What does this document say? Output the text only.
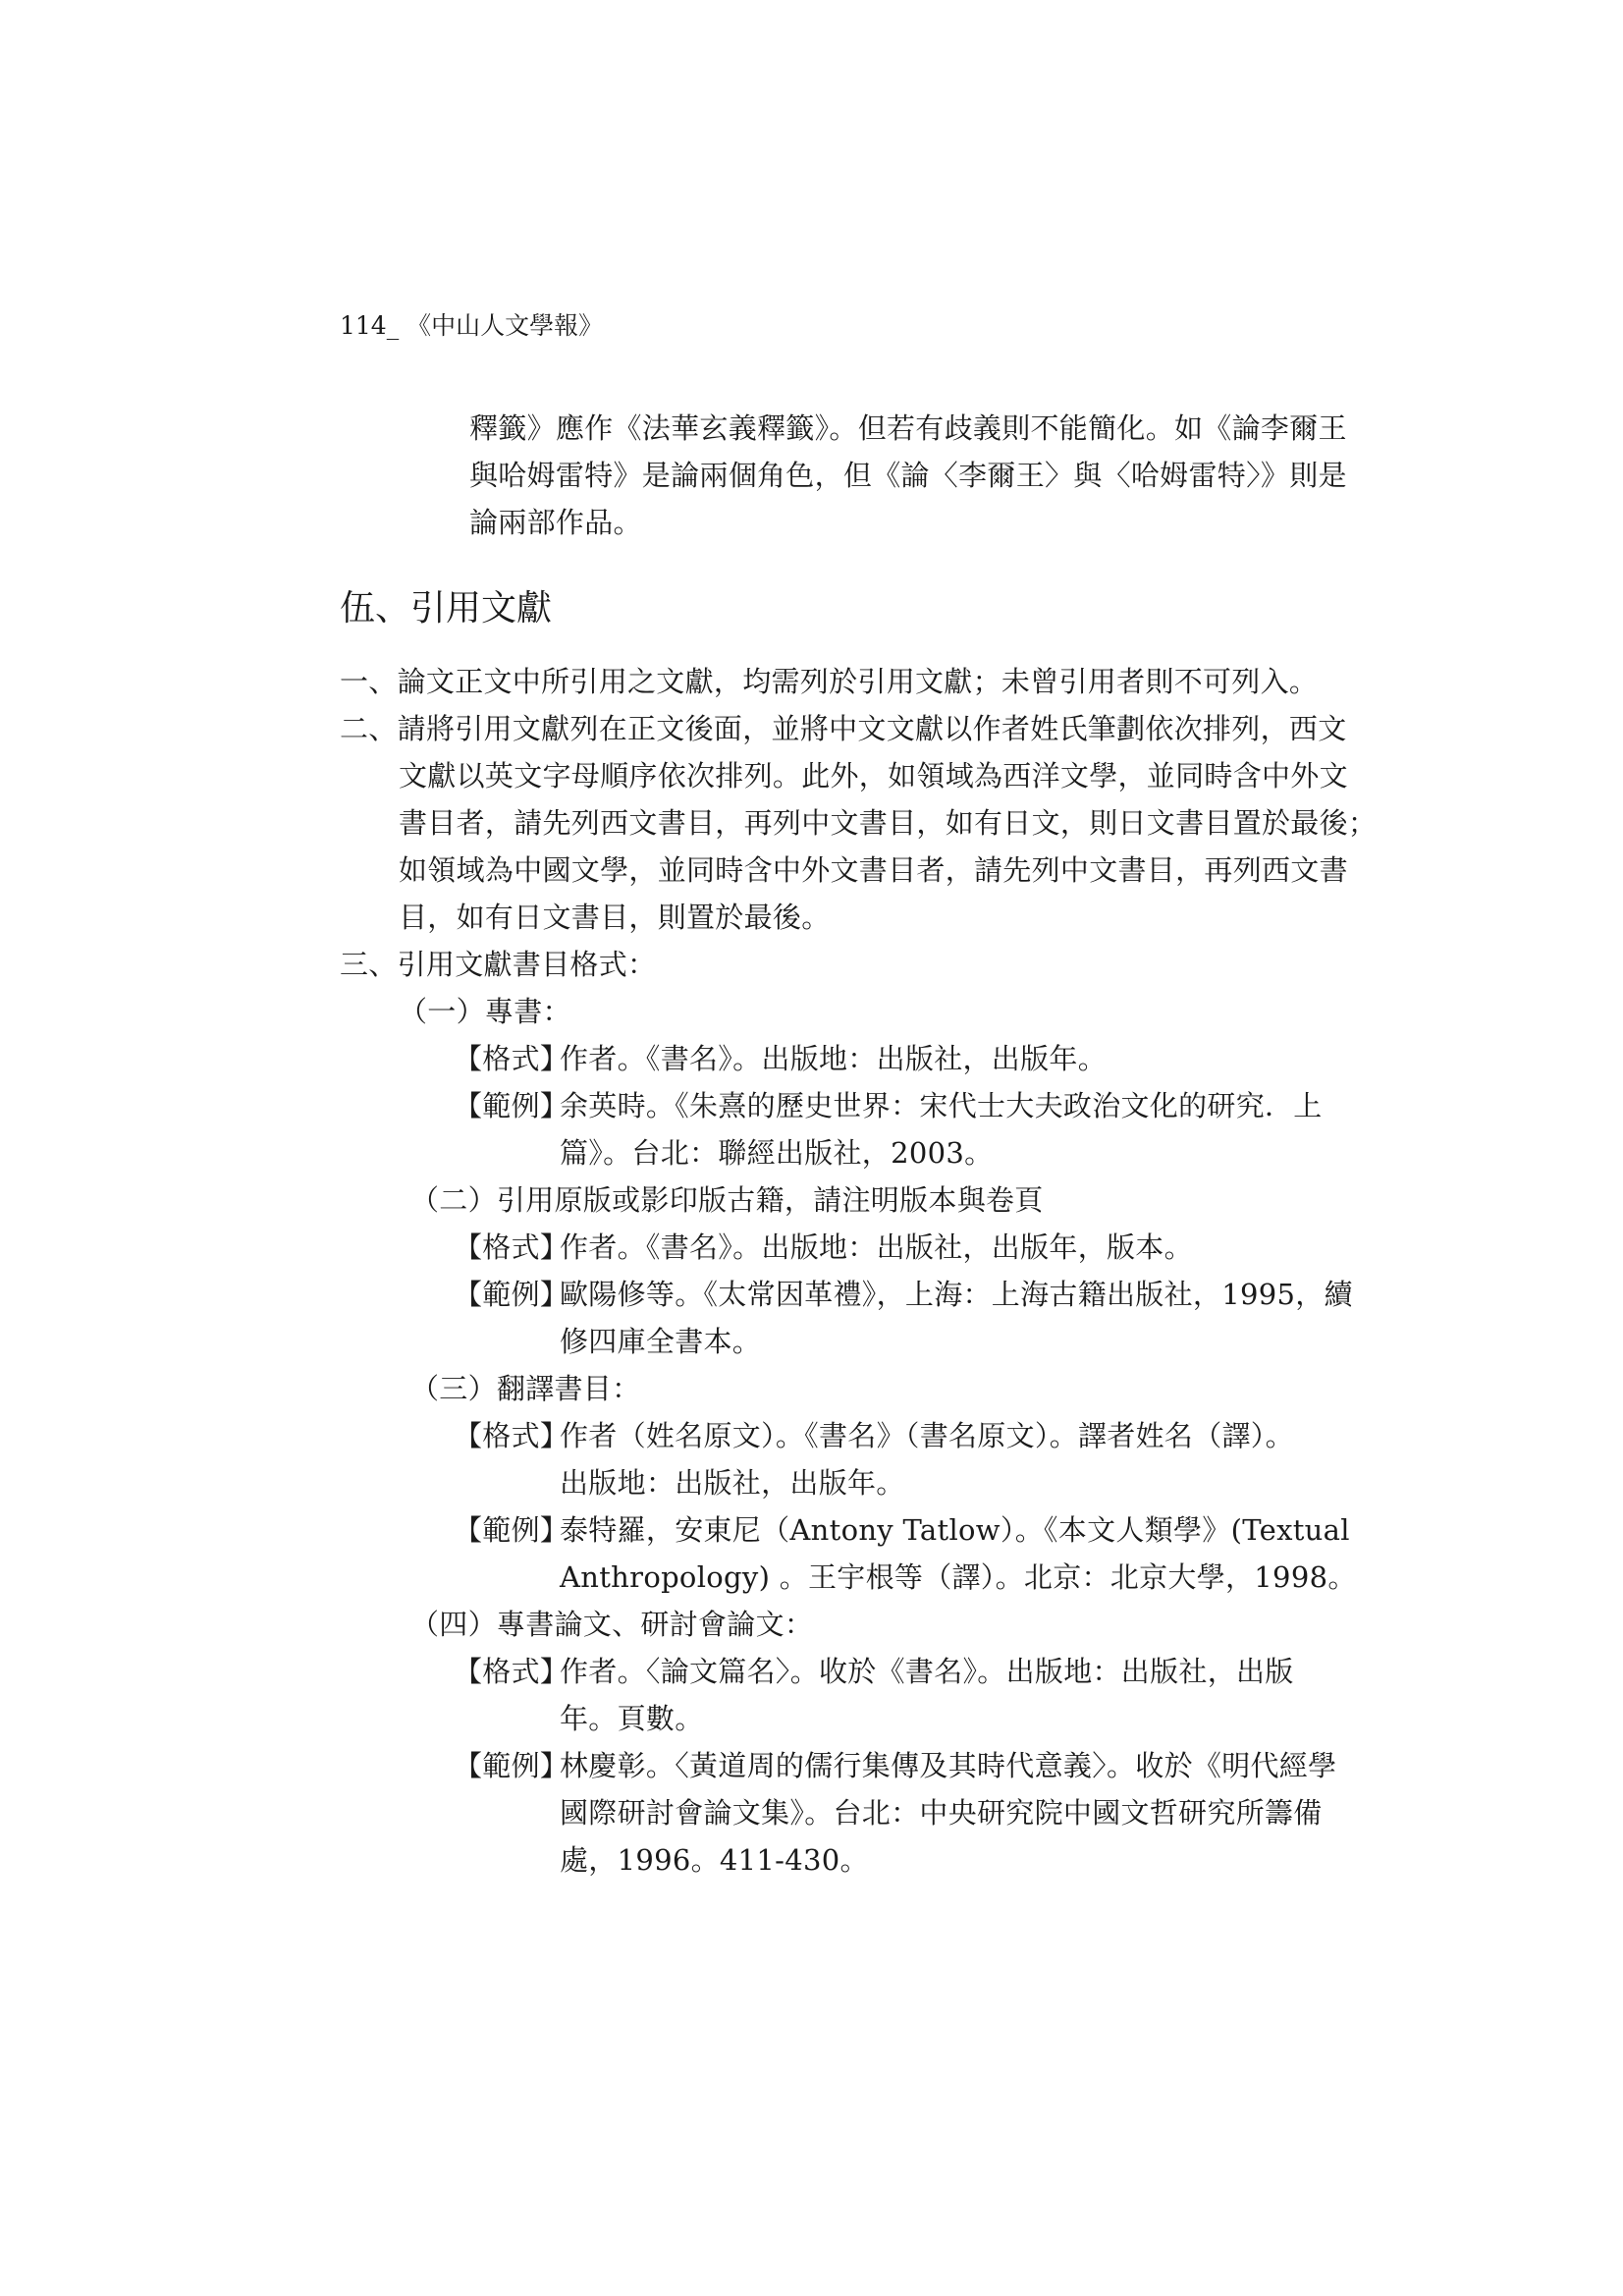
114_ 《中山人文學報》
釋籤》應作《法華玄義釋籤》。但若有歧義則不能簡化。如《論李爾王
與哈姆雷特》是論兩個角色，但《論〈李爾王〉與〈哈姆雷特〉》則是
論兩部作品。
伍、引用文獻
一、論文正文中所引用之文獻，均需列於引用文獻；未曾引用者則不可列入。
二、請將引用文獻列在正文後面，並將中文文獻以作者姓氏筆劃依次排列，西文
文獻以英文字母順序依次排列。此外，如領域為西洋文學，並同時含中外文
書目者，請先列西文書目，再列中文書目，如有日文，則日文書目置於最後；
如領域為中國文學，並同時含中外文書目者，請先列中文書目，再列西文書
目，如有日文書目，則置於最後。
三、引用文獻書目格式：
（一）專書：
【格式】
作者。《書名》。出版地：出版社，出版年。
【範例】
余英時。《朱熹的歷史世界：宋代士大夫政治文化的研究．上
篇》。台北：聯經出版社，2003。
（二）引用原版或影印版古籍，請注明版本與卷頁
【格式】
作者。《書名》。出版地：出版社，出版年，版本。
【範例】
歐陽修等。《太常因革禮》，上海：上海古籍出版社，1995，續
修四庫全書本。
（三）翻譯書目：
【格式】
作者（姓名原文）。《書名》（書名原文）。譯者姓名（譯）。
出版地：出版社，出版年。
【範例】
泰特羅，安東尼（Antony Tatlow）。《本文人類學》(Textual
Anthropology) 。王宇根等（譯）。北京：北京大學，1998。
（四）專書論文、研討會論文：
【格式】
作者。〈論文篇名〉。收於《書名》。出版地：出版社，出版
年。頁數。
【範例】
林慶彰。〈黃道周的儒行集傳及其時代意義〉。收於《明代經學
國際研討會論文集》。台北：中央研究院中國文哲研究所籌備
處，1996。411-430。
